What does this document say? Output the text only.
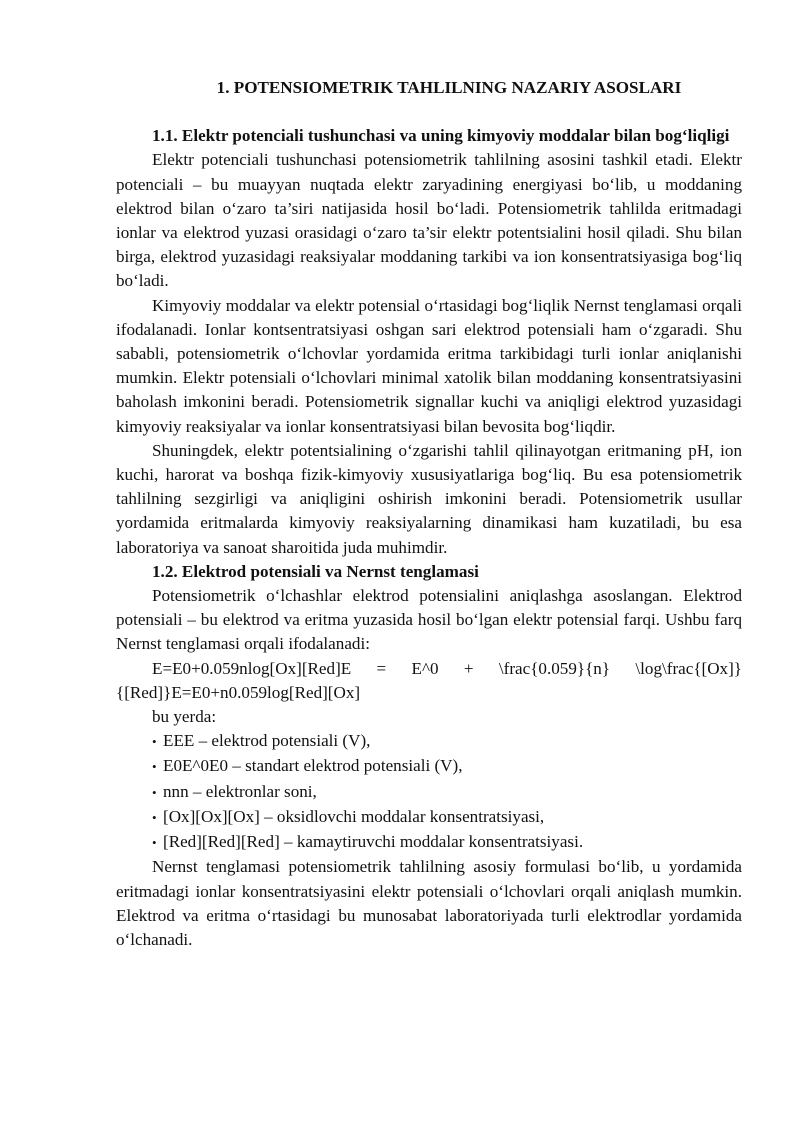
1. POTENSIOMETRIK TAHLILNING NAZARIY ASOSLARI
1.1. Elektr potenciali tushunchasi va uning kimyoviy moddalar bilan bog‘liqligi

Elektr potenciali tushunchasi potensiometrik tahlilning asosini tashkil etadi. Elektr potenciali – bu muayyan nuqtada elektr zaryadining energiyasi bo‘lib, u moddaning elektrod bilan o‘zaro ta’siri natijasida hosil bo‘ladi. Potensiometrik tahlilda eritmadagi ionlar va elektrod yuzasi orasidagi o‘zaro ta’sir elektr potentsialini hosil qiladi. Shu bilan birga, elektrod yuzasidagi reaksiyalar moddaning tarkibi va ion konsentratsiyasiga bog‘liq bo‘ladi.

Kimyoviy moddalar va elektr potensial o‘rtasidagi bog‘liqlik Nernst tenglamasi orqali ifodalanadi. Ionlar kontsentratsiyasi oshgan sari elektrod potensiali ham o‘zgaradi. Shu sababli, potensiometrik o‘lchovlar yordamida eritma tarkibidagi turli ionlar aniqlanishi mumkin. Elektr potensiali o‘lchovlari minimal xatolik bilan moddaning konsentratsiyasini baholash imkonini beradi. Potensiometrik signallar kuchi va aniqligi elektrod yuzasidagi kimyoviy reaksiyalar va ionlar konsentratsiyasi bilan bevosita bog‘liqdir.

Shuningdek, elektr potentsialining o‘zgarishi tahlil qilinayotgan eritmaning pH, ion kuchi, harorat va boshqa fizik-kimyoviy xususiyatlariga bog‘liq. Bu esa potensiometrik tahlilning sezgirligi va aniqligini oshirish imkonini beradi. Potensiometrik usullar yordamida eritmalarda kimyoviy reaksiyalarning dinamikasi ham kuzatiladi, bu esa laboratoriya va sanoat sharoitida juda muhimdir.

1.2. Elektrod potensiali va Nernst tenglamasi

Potensiometrik o‘lchashlar elektrod potensialini aniqlashga asoslangan. Elektrod potensiali – bu elektrod va eritma yuzasida hosil bo‘lgan elektr potensial farqi. Ushbu farq Nernst tenglamasi orqali ifodalanadi:

E=E0+0.059nlog[Ox][Red]E = E^0 + \frac{0.059}{n} \log\frac{[Ox]}{[Red]}E=E0+n0.059log[Red][Ox]

bu yerda:

• EEE – elektrod potensiali (V),
• E0E^0E0 – standart elektrod potensiali (V),
• nnn – elektronlar soni,
• [Ox][Ox][Ox] – oksidlovchi moddalar konsentratsiyasi,
• [Red][Red][Red] – kamaytiruvchi moddalar konsentratsiyasi.

Nernst tenglamasi potensiometrik tahlilning asosiy formulasi bo‘lib, u yordamida eritmadagi ionlar konsentratsiyasini elektr potensiali o‘lchovlari orqali aniqlash mumkin. Elektrod va eritma o‘rtasidagi bu munosabat laboratoriyada turli elektrodlar yordamida o‘lchanadi.
